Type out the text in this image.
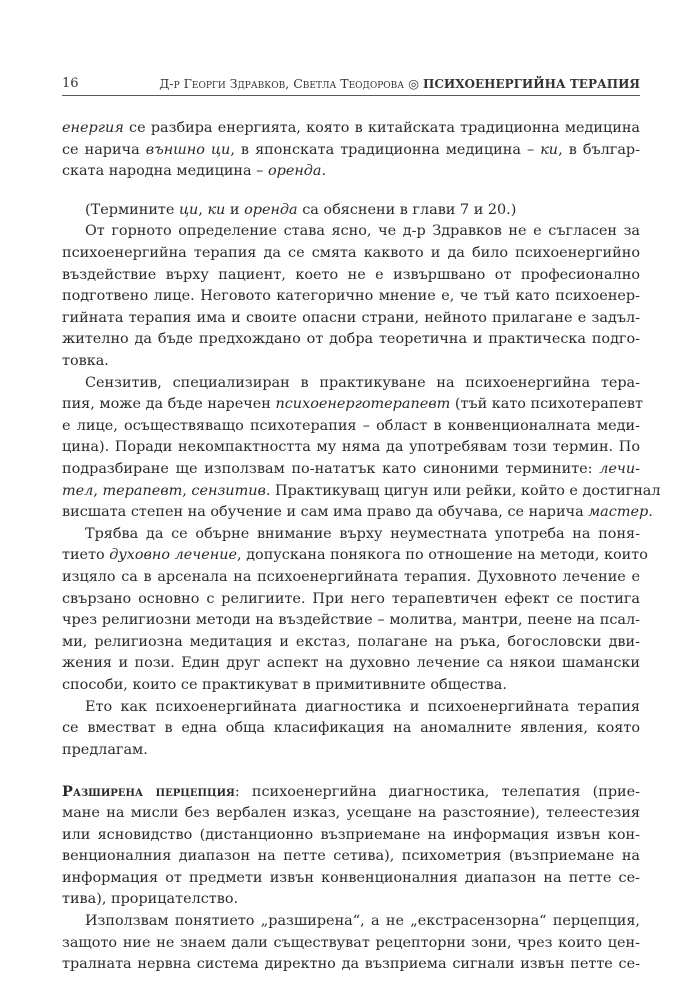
16	Д-р Георги Здравков, Светла Теодорова ◎ ПСИХОЕНЕРГИЙНА ТЕРАПИЯ
енергия се разбира енергията, която в китайската традиционна медицина
се нарича външно ци, в японската традиционна медицина – ки, в българ-
ската народна медицина – оренда.
(Термините ци, ки и оренда са обяснени в глави 7 и 20.)
От горното определение става ясно, че д-р Здравков не е съгласен за
психоенергийна терапия да се смята каквото и да било психоенергийно
въздействие върху пациент, което не е извършвано от професионално
подготвено лице. Неговото категорично мнение е, че тъй като психоенер-
гийната терапия има и своите опасни страни, нейното прилагане е задъл-
жително да бъде предхождано от добра теоретична и практическа подго-
товка.
Сензитив, специализиран в практикуване на психоенергийна тера-
пия, може да бъде наречен психоенерготерапевт (тъй като психотерапевт
е лице, осъществяващо психотерапия – област в конвенционалната меди-
цина). Поради некомпактността му няма да употребявам този термин. По
подразбиране ще използвам по-нататък като синоними термините: лечи-
тел, терапевт, сензитив. Практикуващ цигун или рейки, който е достигнал
висшата степен на обучение и сам има право да обучава, се нарича мастер.
Трябва да се обърне внимание върху неуместната употреба на поня-
тието духовно лечение, допускана понякога по отношение на методи, които
изцяло са в арсенала на психоенергийната терапия. Духовното лечение е
свързано основно с религиите. При него терапевтичен ефект се постига
чрез религиозни методи на въздействие – молитва, мантри, пеене на псал-
ми, религиозна медитация и екстаз, полагане на ръка, богословски дви-
жения и пози. Един друг аспект на духовно лечение са някои шамански
способи, които се практикуват в примитивните общества.
Ето как психоенергийната диагностика и психоенергийната терапия
се вместват в една обща класификация на аномалните явления, която
предлагам.
Разширена перцепция: психоенергийна диагностика, телепатия (прие-
мане на мисли без вербален изказ, усещане на разстояние), телеестезия
или ясновидство (дистанционно възприемане на информация извън кон-
венционалния диапазон на петте сетива), психометрия (възприемане на
информация от предмети извън конвенционалния диапазон на петте се-
тива), прорицателство.
Използвам понятието „разширена“, а не „екстрасензорна“ перцепция,
защото ние не знаем дали съществуват рецепторни зони, чрез които цен-
тралната нервна система директно да възприема сигнали извън петте се-
